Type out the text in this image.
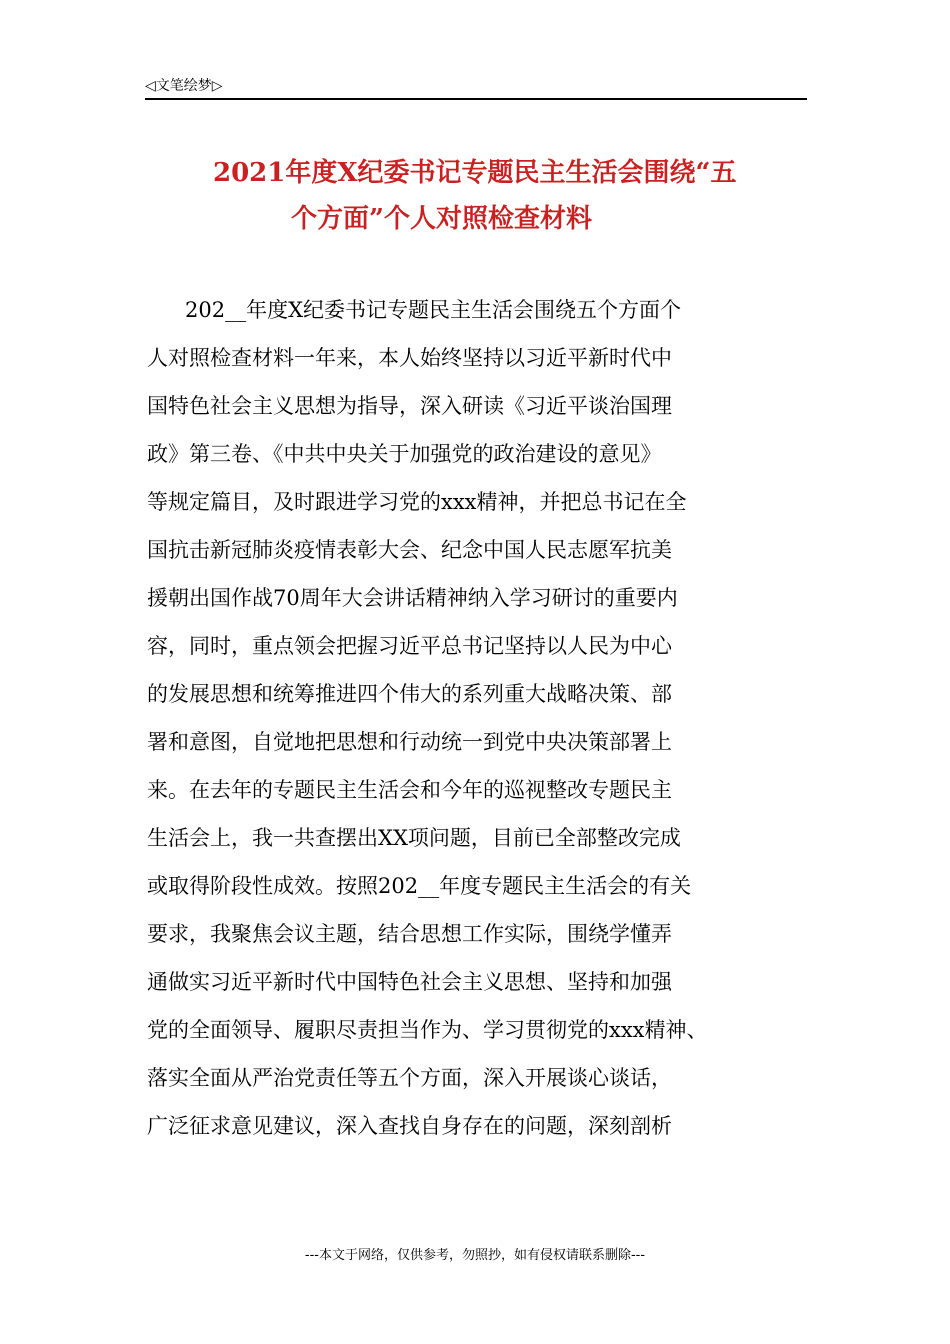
◁文笔绘梦▷
2021年度X纪委书记专题民主生活会围绕“五
个方面”个人对照检查材料
202__年度X纪委书记专题民主生活会围绕五个方面个
人对照检查材料一年来，本人始终坚持以习近平新时代中
国特色社会主义思想为指导，深入研读《习近平谈治国理
政》第三卷、《中共中央关于加强党的政治建设的意见》
等规定篇目，及时跟进学习党的xxx精神，并把总书记在全
国抗击新冠肺炎疫情表彰大会、纪念中国人民志愿军抗美
援朝出国作战70周年大会讲话精神纳入学习研讨的重要内
容，同时，重点领会把握习近平总书记坚持以人民为中心
的发展思想和统筹推进四个伟大的系列重大战略决策、部
署和意图，自觉地把思想和行动统一到党中央决策部署上
来。在去年的专题民主生活会和今年的巡视整改专题民主
生活会上，我一共查摆出XX项问题，目前已全部整改完成
或取得阶段性成效。按照202__年度专题民主生活会的有关
要求，我聚焦会议主题，结合思想工作实际，围绕学懂弄
通做实习近平新时代中国特色社会主义思想、坚持和加强
党的全面领导、履职尽责担当作为、学习贯彻党的xxx精神、
落实全面从严治党责任等五个方面，深入开展谈心谈话，
广泛征求意见建议，深入查找自身存在的问题，深刻剖析
---本文于网络，仅供参考，勿照抄，如有侵权请联系删除---
